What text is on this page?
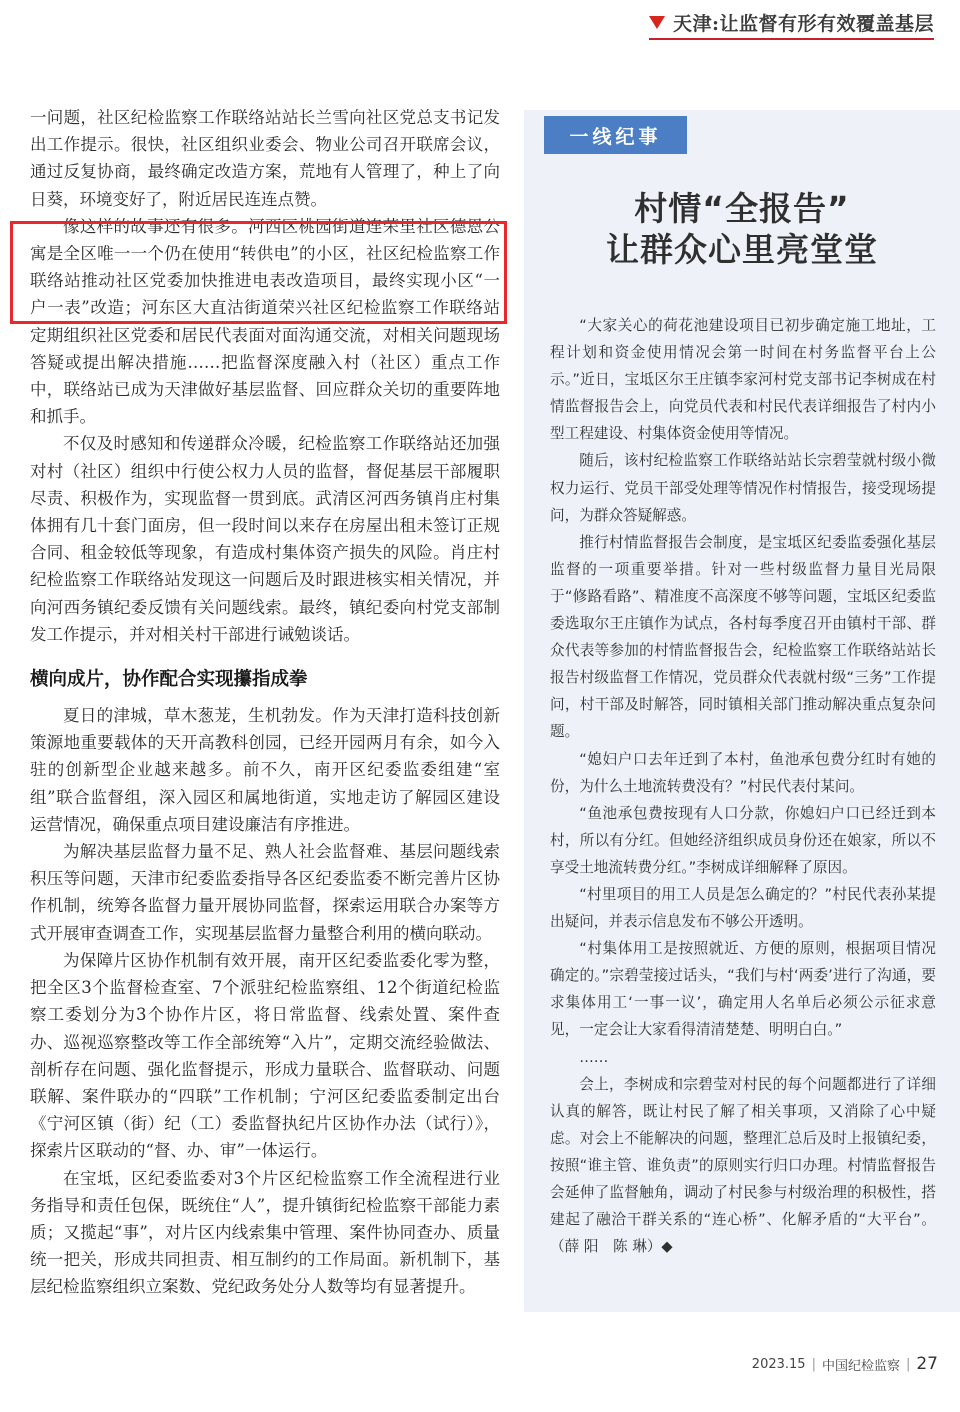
天津:让监督有形有效覆盖基层

一问题，社区纪检监察工作联络站站长兰雪向社区党总支书记发出工作提示。很快，社区组织业委会、物业公司召开联席会议，通过反复协商，最终确定改造方案，荒地有人管理了，种上了向日葵，环境变好了，附近居民连连点赞。

像这样的故事还有很多。河西区桃园街道连荣里社区德恩公寓是全区唯一一个仍在使用“转供电”的小区，社区纪检监察工作联络站推动社区党委加快推进电表改造项目，最终实现小区“一户一表”改造；河东区大直沽街道荣兴社区纪检监察工作联络站定期组织社区党委和居民代表面对面沟通交流，对相关问题现场答疑或提出解决措施……把监督深度融入村（社区）重点工作中，联络站已成为天津做好基层监督、回应群众关切的重要阵地和抓手。

不仅及时感知和传递群众冷暖，纪检监察工作联络站还加强对村（社区）组织中行使公权力人员的监督，督促基层干部履职尽责、积极作为，实现监督一贯到底。武清区河西务镇肖庄村集体拥有几十套门面房，但一段时间以来存在房屋出租未签订正规合同、租金较低等现象，有造成村集体资产损失的风险。肖庄村纪检监察工作联络站发现这一问题后及时跟进核实相关情况，并向河西务镇纪委反馈有关问题线索。最终，镇纪委向村党支部制发工作提示，并对相关村干部进行诫勉谈话。

横向成片，协作配合实现攥指成拳

夏日的津城，草木葱茏，生机勃发。作为天津打造科技创新策源地重要载体的天开高教科创园，已经开园两月有余，如今入驻的创新型企业越来越多。前不久，南开区纪委监委组建“室组”联合监督组，深入园区和属地街道，实地走访了解园区建设运营情况，确保重点项目建设廉洁有序推进。

为解决基层监督力量不足、熟人社会监督难、基层问题线索积压等问题，天津市纪委监委指导各区纪委监委不断完善片区协作机制，统筹各监督力量开展协同监督，探索运用联合办案等方式开展审查调查工作，实现基层监督力量整合利用的横向联动。

为保障片区协作机制有效开展，南开区纪委监委化零为整，把全区3个监督检查室、7个派驻纪检监察组、12个街道纪检监察工委划分为3个协作片区，将日常监督、线索处置、案件查办、巡视巡察整改等工作全部统筹“入片”，定期交流经验做法、剖析存在问题、强化监督提示，形成力量联合、监督联动、问题联解、案件联办的“四联”工作机制；宁河区纪委监委制定出台《宁河区镇（街）纪（工）委监督执纪片区协作办法（试行）》，探索片区联动的“督、办、审”一体运行。

在宝坻，区纪委监委对3个片区纪检监察工作全流程进行业务指导和责任包保，既统住“人”，提升镇街纪检监察干部能力素质；又揽起“事”，对片区内线索集中管理、案件协同查办、质量统一把关，形成共同担责、相互制约的工作局面。新机制下，基层纪检监察组织立案数、党纪政务处分人数等均有显著提升。

一线纪事
村情“全报告”
让群众心里亮堂堂

“大家关心的荷花池建设项目已初步确定施工地址，工程计划和资金使用情况会第一时间在村务监督平台上公示。”近日，宝坻区尔王庄镇李家河村党支部书记李树成在村情监督报告会上，向党员代表和村民代表详细报告了村内小型工程建设、村集体资金使用等情况。

随后，该村纪检监察工作联络站站长宗碧莹就村级小微权力运行、党员干部受处理等情况作村情报告，接受现场提问，为群众答疑解惑。

推行村情监督报告会制度，是宝坻区纪委监委强化基层监督的一项重要举措。针对一些村级监督力量目光局限于“修路看路”、精准度不高深度不够等问题，宝坻区纪委监委选取尔王庄镇作为试点，各村每季度召开由镇村干部、群众代表等参加的村情监督报告会，纪检监察工作联络站站长报告村级监督工作情况，党员群众代表就村级“三务”工作提问，村干部及时解答，同时镇相关部门推动解决重点复杂问题。

“媳妇户口去年迁到了本村，鱼池承包费分红时有她的份，为什么土地流转费没有？”村民代表付某问。

“鱼池承包费按现有人口分款，你媳妇户口已经迁到本村，所以有分红。但她经济组织成员身份还在娘家，所以不享受土地流转费分红。”李树成详细解释了原因。

“村里项目的用工人员是怎么确定的？”村民代表孙某提出疑问，并表示信息发布不够公开透明。

“村集体用工是按照就近、方便的原则，根据项目情况确定的。”宗碧莹接过话头，“我们与村‘两委’进行了沟通，要求集体用工‘一事一议’，确定用人名单后必须公示征求意见，一定会让大家看得清清楚楚、明明白白。”

……

会上，李树成和宗碧莹对村民的每个问题都进行了详细认真的解答，既让村民了解了相关事项，又消除了心中疑虑。对会上不能解决的问题，整理汇总后及时上报镇纪委，按照“谁主管、谁负责”的原则实行归口办理。村情监督报告会延伸了监督触角，调动了村民参与村级治理的积极性，搭建起了融洽干群关系的“连心桥”、化解矛盾的“大平台”。（薛 阳　陈 琳）◆

2023.15 | 中国纪检监察 | 27
